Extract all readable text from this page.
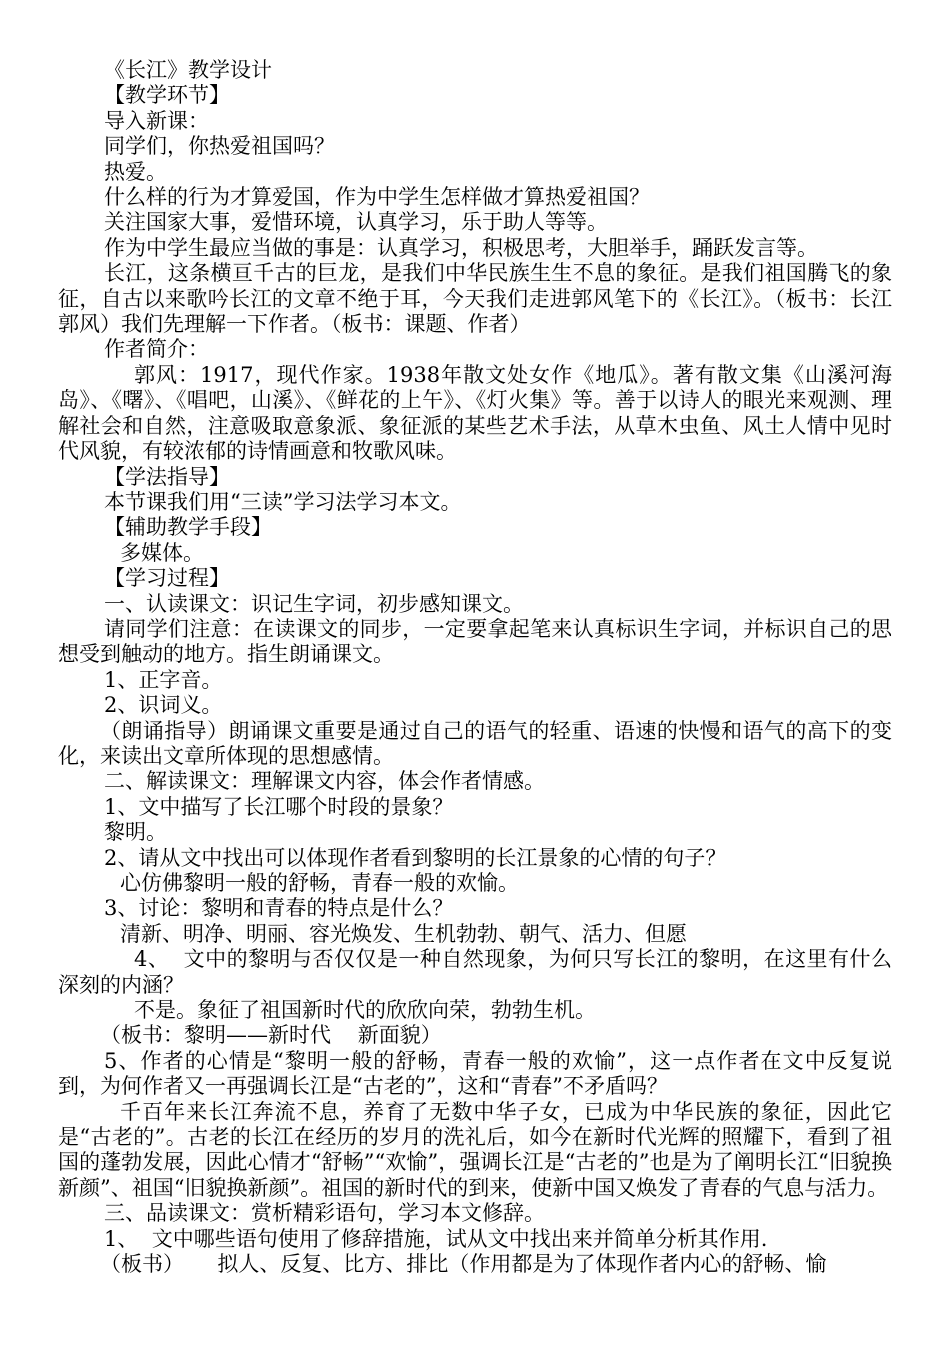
《长江》教学设计

【教学环节】

导入新课：

同学们，你热爱祖国吗？

热爱。

什么样的行为才算爱国，作为中学生怎样做才算热爱祖国？

关注国家大事，爱惜环境，认真学习，乐于助人等等。

作为中学生最应当做的事是：认真学习，积极思考，大胆举手，踊跃发言等。

长江，这条横亘千古的巨龙，是我们中华民族生生不息的象征。是我们祖国腾飞的象征，自古以来歌吟长江的文章不绝于耳，今天我们走进郭风笔下的《长江》。（板书：长江  郭风）我们先理解一下作者。（板书：课题、作者）

作者简介：

郭风：1917，现代作家。1938年散文处女作《地瓜》。著有散文集《山溪河海岛》、《曙》、《唱吧，山溪》、《鲜花的上午》、《灯火集》等。善于以诗人的眼光来观测、理解社会和自然，注意吸取意象派、象征派的某些艺术手法，从草木虫鱼、风土人情中见时代风貌，有较浓郁的诗情画意和牧歌风味。

【学法指导】

本节课我们用“三读”学习法学习本文。

【辅助教学手段】

多媒体。

【学习过程】

一、认读课文：识记生字词，初步感知课文。

请同学们注意：在读课文的同步，一定要拿起笔来认真标识生字词，并标识自己的思想受到触动的地方。指生朗诵课文。

1、正字音。

2、识词义。

（朗诵指导）朗诵课文重要是通过自己的语气的轻重、语速的快慢和语气的高下的变化，来读出文章所体现的思想感情。

二、解读课文：理解课文内容，体会作者情感。

1、文中描写了长江哪个时段的景象？

黎明。

2、请从文中找出可以体现作者看到黎明的长江景象的心情的句子？

心仿佛黎明一般的舒畅，青春一般的欢愉。

3、讨论：黎明和青春的特点是什么？

清新、明净、明丽、容光焕发、生机勃勃、朝气、活力、但愿

4、  文中的黎明与否仅仅是一种自然现象，为何只写长江的黎明，在这里有什么深刻的内涵？

不是。象征了祖国新时代的欣欣向荣，勃勃生机。

（板书：黎明——新时代    新面貌）

5、作者的心情是“黎明一般的舒畅，青春一般的欢愉”，这一点作者在文中反复说到，为何作者又一再强调长江是“古老的”，这和“青春”不矛盾吗？

千百年来长江奔流不息，养育了无数中华子女，已成为中华民族的象征，因此它是“古老的”。古老的长江在经历的岁月的洗礼后，如今在新时代光辉的照耀下，看到了祖国的蓬勃发展，因此心情才“舒畅”“欢愉”，强调长江是“古老的”也是为了阐明长江“旧貌换新颜”、祖国“旧貌换新颜”。祖国的新时代的到来，使新中国又焕发了青春的气息与活力。

三、品读课文：赏析精彩语句，学习本文修辞。

1、  文中哪些语句使用了修辞措施，试从文中找出来并简单分析其作用.

（板书）     拟人、反复、比方、排比（作用都是为了体现作者内心的舒畅、愉
